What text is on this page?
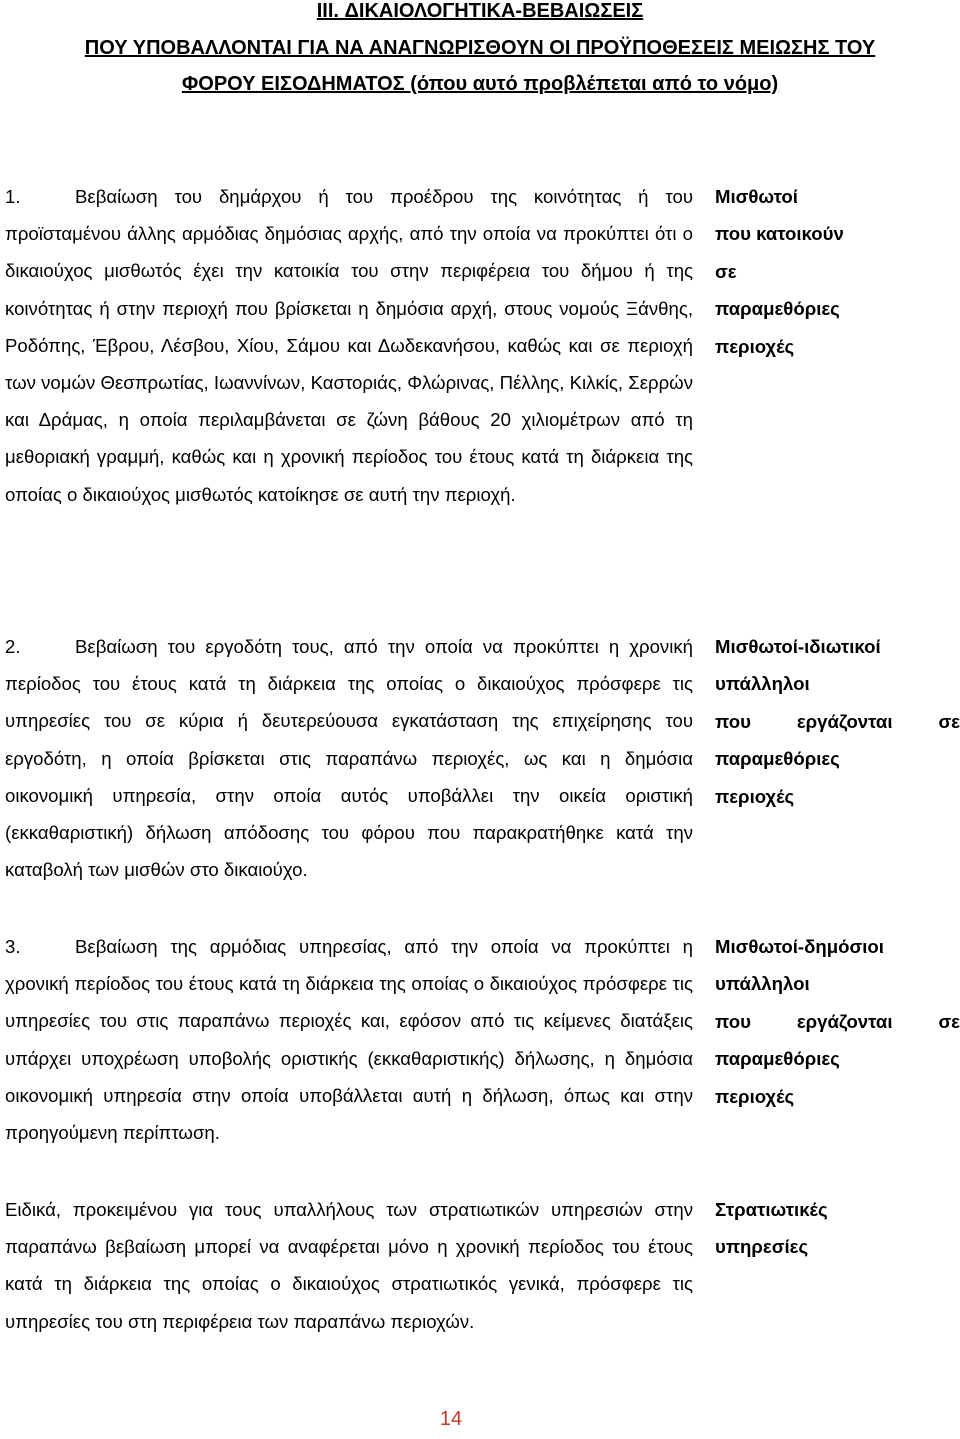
III. ΔΙΚΑΙΟΛΟΓΗΤΙΚΑ-ΒΕΒΑΙΩΣΕΙΣ
ΠΟΥ ΥΠΟΒΑΛΛΟΝΤΑΙ ΓΙΑ ΝΑ ΑΝΑΓΝΩΡΙΣΘΟΥΝ ΟΙ ΠΡΟΫΠΟΘΕΣΕΙΣ ΜΕΙΩΣΗΣ ΤΟΥ
ΦΟΡΟΥ ΕΙΣΟΔΗΜΑΤΟΣ (όπου αυτό προβλέπεται από το νόμο)

1.	Βεβαίωση του δημάρχου ή του προέδρου της κοινότητας ή του προϊσταμένου άλλης αρμόδιας δημόσιας αρχής, από την οποία να προκύπτει ότι ο δικαιούχος μισθωτός έχει την κατοικία του στην περιφέρεια του δήμου ή της κοινότητας ή στην περιοχή που βρίσκεται η δημόσια αρχή, στους νομούς Ξάνθης, Ροδόπης, Έβρου, Λέσβου, Χίου, Σάμου και Δωδεκανήσου, καθώς και σε περιοχή των νομών Θεσπρωτίας, Ιωαννίνων, Καστοριάς, Φλώρινας, Πέλλης, Κιλκίς, Σερρών και Δράμας, η οποία περιλαμβάνεται σε ζώνη βάθους 20 χιλιομέτρων από τη μεθοριακή γραμμή, καθώς και η χρονική περίοδος του έτους κατά τη διάρκεια της οποίας ο δικαιούχος μισθωτός κατοίκησε σε αυτή την περιοχή.

Μισθωτοί
που κατοικούν
σε
παραμεθόριες
περιοχές

2.	Βεβαίωση του εργοδότη τους, από την οποία να προκύπτει η χρονική περίοδος του έτους κατά τη διάρκεια της οποίας ο δικαιούχος πρόσφερε τις υπηρεσίες του σε κύρια ή δευτερεύουσα εγκατάσταση της επιχείρησης του εργοδότη, η οποία βρίσκεται στις παραπάνω περιοχές, ως και η δημόσια οικονομική υπηρεσία, στην οποία αυτός υποβάλλει την οικεία οριστική (εκκαθαριστική) δήλωση απόδοσης του φόρου που παρακρατήθηκε κατά την καταβολή των μισθών στο δικαιούχο.

Μισθωτοί-ιδιωτικοί
υπάλληλοι
που εργάζονται σε
παραμεθόριες
περιοχές

3.	Βεβαίωση της αρμόδιας υπηρεσίας, από την οποία να προκύπτει η χρονική περίοδος του έτους κατά τη διάρκεια της οποίας ο δικαιούχος πρόσφερε τις υπηρεσίες του στις παραπάνω περιοχές και, εφόσον από τις κείμενες διατάξεις υπάρχει υποχρέωση υποβολής οριστικής (εκκαθαριστικής) δήλωσης, η δημόσια οικονομική υπηρεσία στην οποία υποβάλλεται αυτή η δήλωση, όπως και στην προηγούμενη περίπτωση.

Μισθωτοί-δημόσιοι
υπάλληλοι
που εργάζονται σε
παραμεθόριες
περιοχές

Ειδικά, προκειμένου για τους υπαλλήλους των στρατιωτικών υπηρεσιών στην παραπάνω βεβαίωση μπορεί να αναφέρεται μόνο η χρονική περίοδος του έτους κατά τη διάρκεια της οποίας ο δικαιούχος στρατιωτικός γενικά, πρόσφερε τις υπηρεσίες του στη περιφέρεια των παραπάνω περιοχών.

Στρατιωτικές
υπηρεσίες
14
